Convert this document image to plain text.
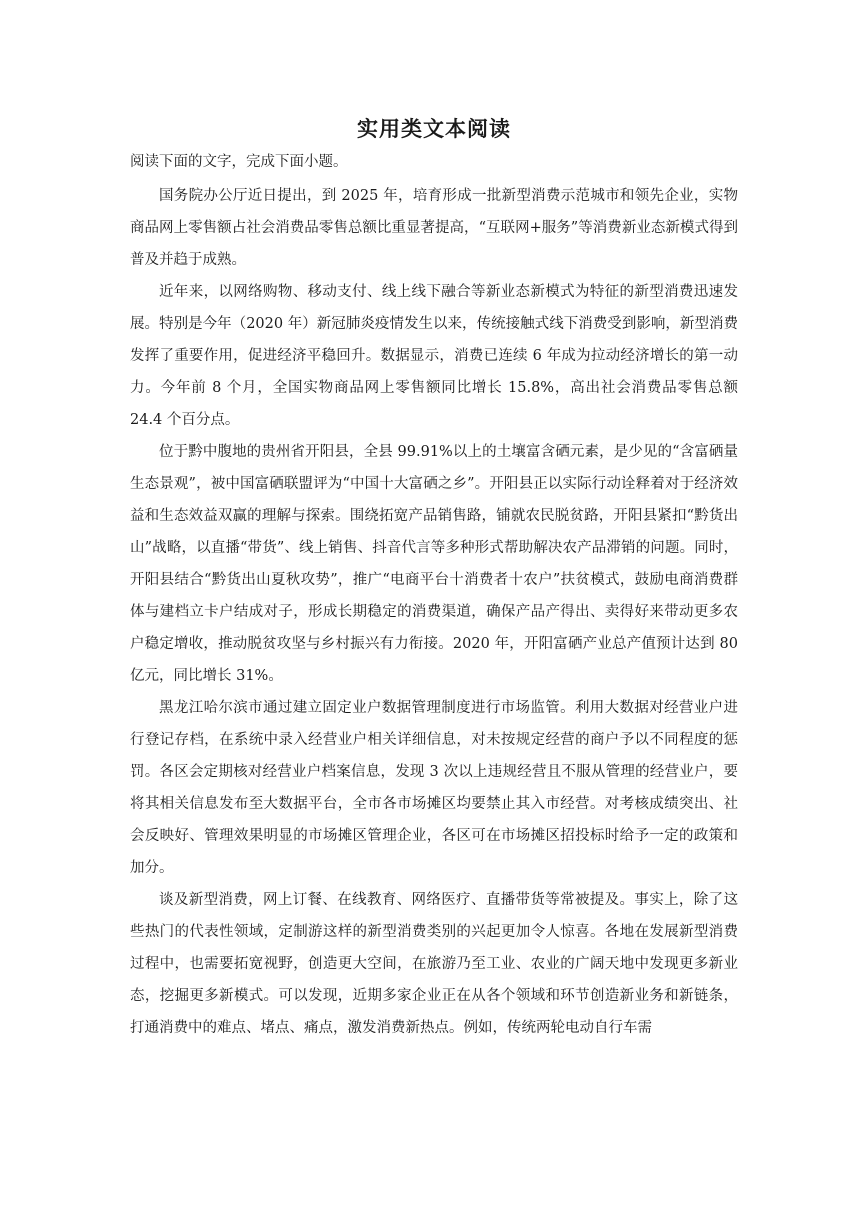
实用类文本阅读

阅读下面的文字，完成下面小题。

国务院办公厅近日提出，到 2025 年，培育形成一批新型消费示范城市和领先企业，实物商品网上零售额占社会消费品零售总额比重显著提高，“互联网+服务”等消费新业态新模式得到普及并趋于成熟。

近年来，以网络购物、移动支付、线上线下融合等新业态新模式为特征的新型消费迅速发展。特别是今年（2020 年）新冠肺炎疫情发生以来，传统接触式线下消费受到影响，新型消费发挥了重要作用，促进经济平稳回升。数据显示，消费已连续 6 年成为拉动经济增长的第一动力。今年前 8 个月，全国实物商品网上零售额同比增长 15.8%，高出社会消费品零售总额 24.4 个百分点。

位于黔中腹地的贵州省开阳县，全县 99.91%以上的土壤富含硒元素，是少见的“含富硒量生态景观”，被中国富硒联盟评为“中国十大富硒之乡”。开阳县正以实际行动诠释着对于经济效益和生态效益双赢的理解与探索。围绕拓宽产品销售路，铺就农民脱贫路，开阳县紧扣“黔货出山”战略，以直播“带货”、线上销售、抖音代言等多种形式帮助解决农产品滞销的问题。同时，开阳县结合“黔货出山夏秋攻势”，推广“电商平台十消费者十农户”扶贫模式，鼓励电商消费群体与建档立卡户结成对子，形成长期稳定的消费渠道，确保产品产得出、卖得好来带动更多农户稳定增收，推动脱贫攻坚与乡村振兴有力衔接。2020 年，开阳富硒产业总产值预计达到 80 亿元，同比增长 31%。

黑龙江哈尔滨市通过建立固定业户数据管理制度进行市场监管。利用大数据对经营业户进行登记存档，在系统中录入经营业户相关详细信息，对未按规定经营的商户予以不同程度的惩罚。各区会定期核对经营业户档案信息，发现 3 次以上违规经营且不服从管理的经营业户，要将其相关信息发布至大数据平台，全市各市场摊区均要禁止其入市经营。对考核成绩突出、社会反映好、管理效果明显的市场摊区管理企业，各区可在市场摊区招投标时给予一定的政策和加分。

谈及新型消费，网上订餐、在线教育、网络医疗、直播带货等常被提及。事实上，除了这些热门的代表性领域，定制游这样的新型消费类别的兴起更加令人惊喜。各地在发展新型消费过程中，也需要拓宽视野，创造更大空间，在旅游乃至工业、农业的广阔天地中发现更多新业态，挖掘更多新模式。可以发现，近期多家企业正在从各个领域和环节创造新业务和新链条，打通消费中的难点、堵点、痛点，激发消费新热点。例如，传统两轮电动自行车需
